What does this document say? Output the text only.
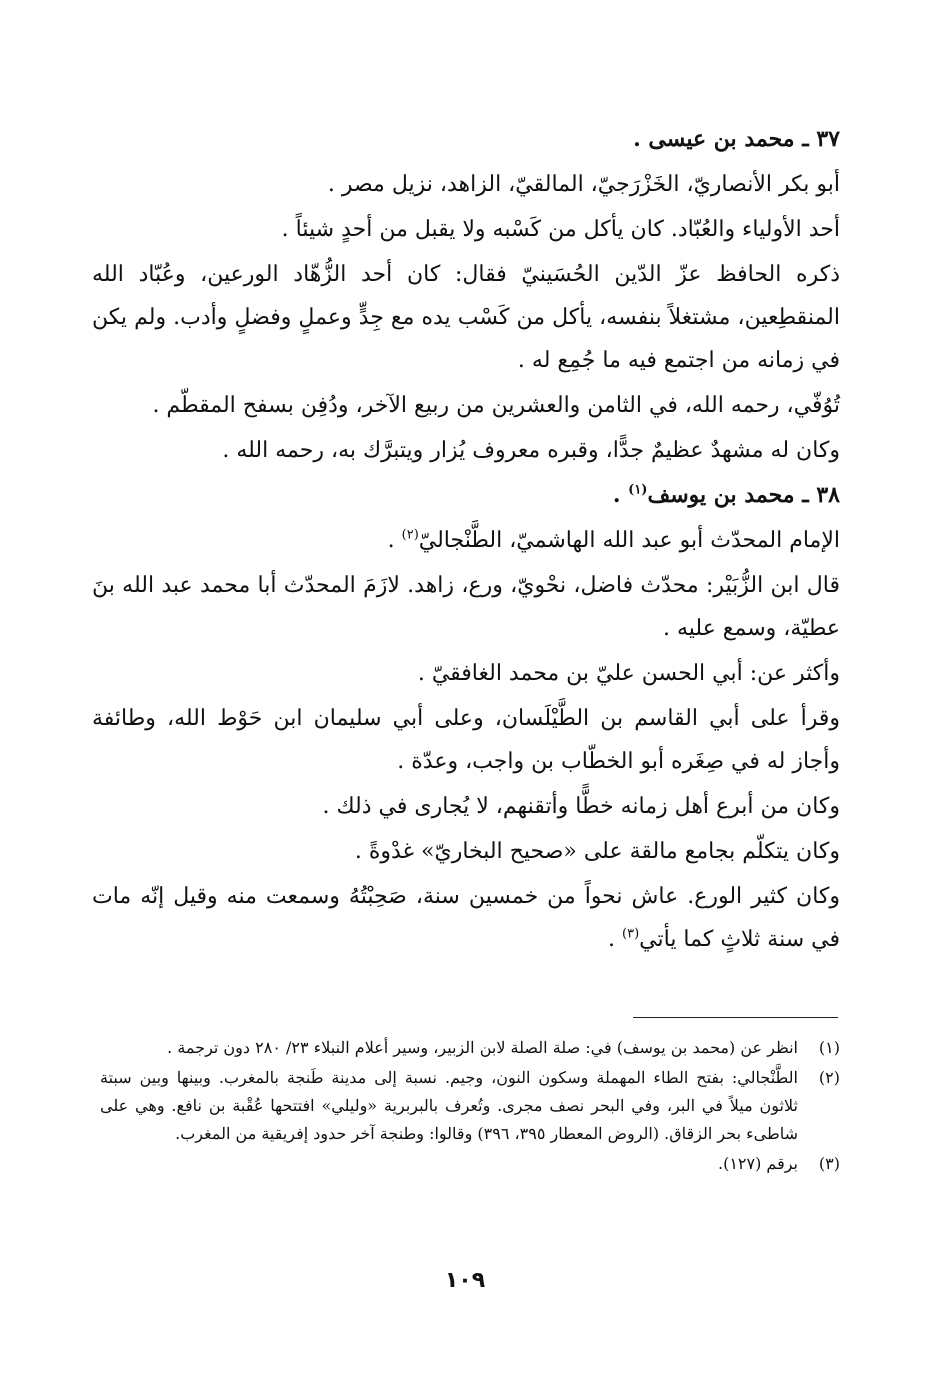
٣٧ ـ محمد بن عيسى .

أبو بكر الأنصاريّ، الخَزْرَجيّ، المالقيّ، الزاهد، نزيل مصر .

أحد الأولياء والعُبّاد. كان يأكل من كَسْبه ولا يقبل من أحدٍ شيئاً .

ذكره الحافظ عزّ الدّين الحُسَينيّ فقال: كان أحد الزُّهّاد الورعين، وعُبّاد الله المنقطِعين، مشتغلاً بنفسه، يأكل من كَسْب يده مع جِدٍّ وعملٍ وفضلٍ وأدب. ولم يكن في زمانه من اجتمع فيه ما جُمِع له .

تُوُفّي، رحمه الله، في الثامن والعشرين من ربيع الآخر، ودُفِن بسفح المقطّم .

وكان له مشهدٌ عظيمٌ جدًّا، وقبره معروف يُزار ويتبرَّك به، رحمه الله .

٣٨ ـ محمد بن يوسف$^{(١)}$ .

الإمام المحدّث أبو عبد الله الهاشميّ، الطَّنْجاليّ$^{(٢)}$ .

قال ابن الزُّبَيْر: محدّث فاضل، نحْويّ، ورع، زاهد. لازَمَ المحدّث أبا محمد عبد الله بنَ عطيّة، وسمع عليه .

وأكثر عن: أبي الحسن عليّ بن محمد الغافقيّ .

وقرأ على أبي القاسم بن الطَّيْلَسان، وعلى أبي سليمان ابن حَوْط الله، وطائفة وأجاز له في صِغَره أبو الخطّاب بن واجب، وعدّة .

وكان من أبرع أهل زمانه خطًّا وأتقنهم، لا يُجارى في ذلك .

وكان يتكلّم بجامع مالقة على «صحيح البخاريّ» غدْوةً .

وكان كثير الورع. عاش نحواً من خمسين سنة، صَحِبْتُهُ وسمعت منه وقيل إنّه مات في سنة ثلاثٍ كما يأتي$^{(٣)}$ .

(١)
انظر عن (محمد بن يوسف) في: صلة الصلة لابن الزبير، وسير أعلام النبلاء ٢٣/ ٢٨٠ دون ترجمة .
(٢)
الطَّنْجالي: بفتح الطاء المهملة وسكون النون، وجيم. نسبة إلى مدينة طَنجة بالمغرب. وبينها وبين سبتة ثلاثون ميلاً في البر، وفي البحر نصف مجرى. وتُعرف بالبربرية «وليلي» افتتحها عُقْبة بن نافع. وهي على شاطىء بحر الزقاق. (الروض المعطار ٣٩٥، ٣٩٦) وقالوا: وطنجة آخر حدود إفريقية من المغرب.
(٣)
برقم (١٢٧).
١٠٩
